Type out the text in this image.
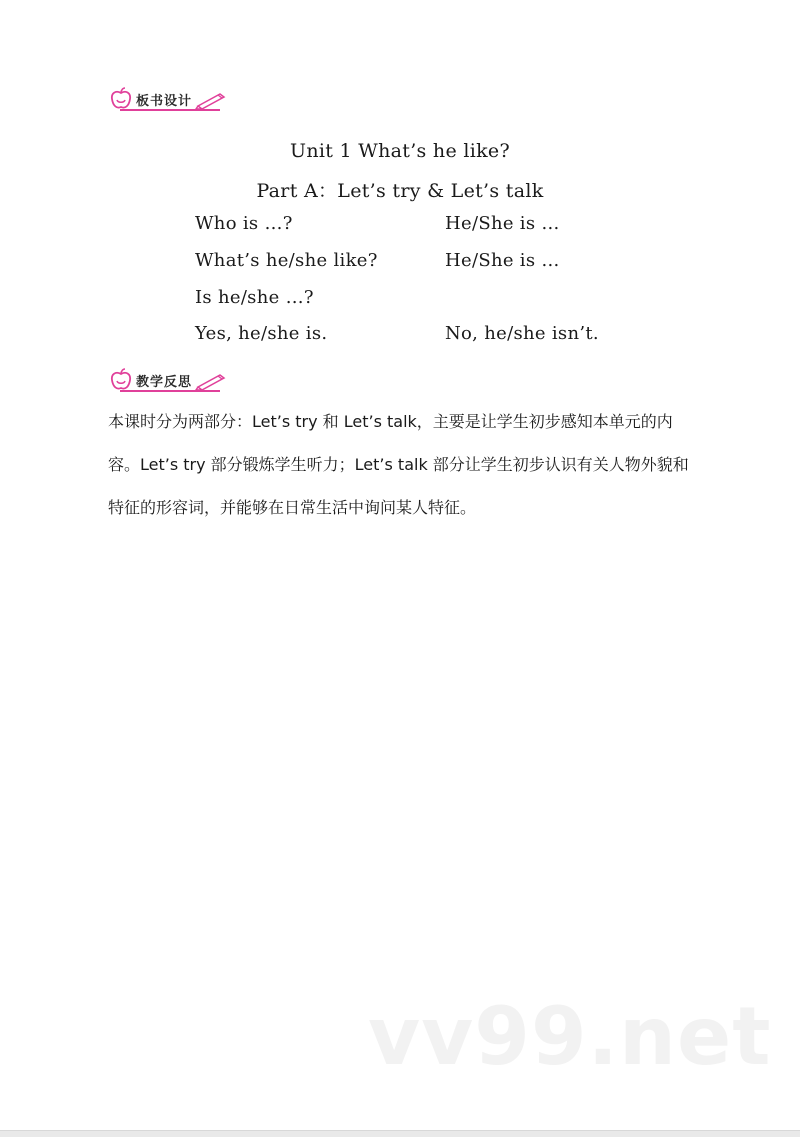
板书设计
Unit 1 What’s he like?
Part A：Let’s try & Let’s talk
Who is …?	He/She is …
What’s he/she like?	He/She is …
Is he/she …?
Yes, he/she is.	No, he/she isn’t.
教学反思
本课时分为两部分：Let’s try 和 Let’s talk，主要是让学生初步感知本单元的内容。Let’s try 部分锻炼学生听力；Let’s talk 部分让学生初步认识有关人物外貌和特征的形容词，并能够在日常生活中询问某人特征。
vv99.net
